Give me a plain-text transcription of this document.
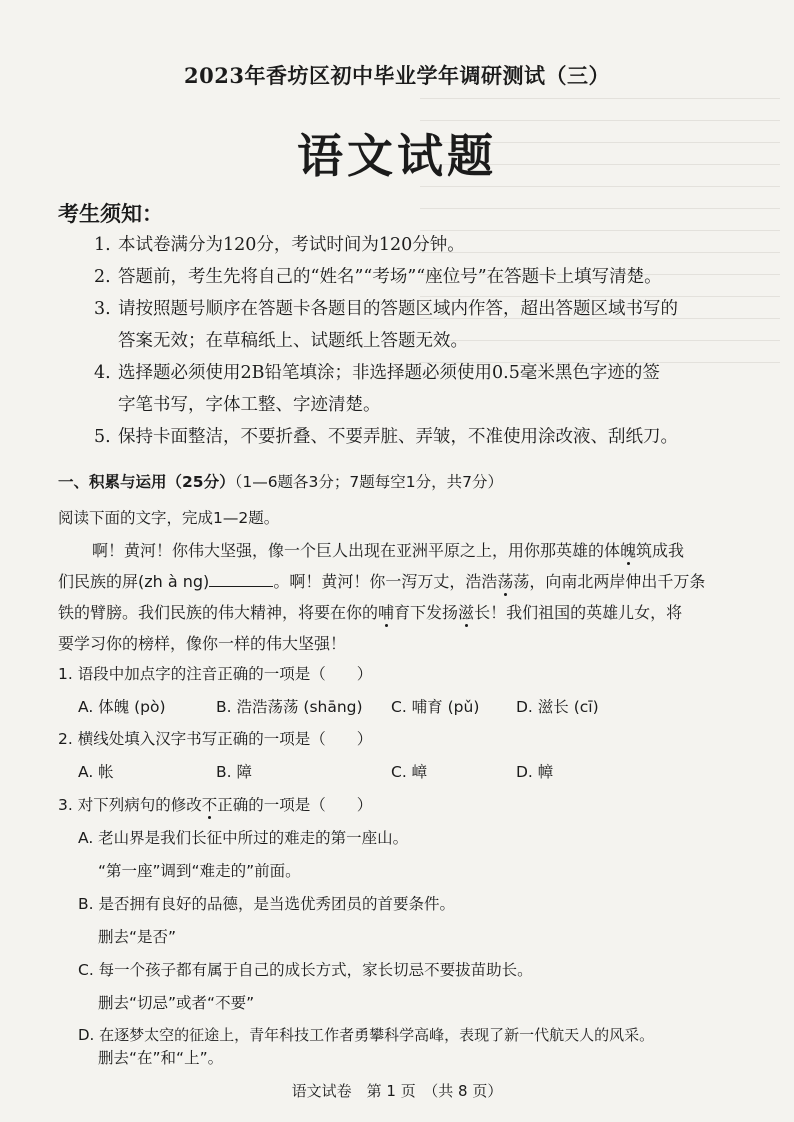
2023年香坊区初中毕业学年调研测试（三）
语文试题
考生须知：
1. 本试卷满分为120分，考试时间为120分钟。
2. 答题前，考生先将自己的“姓名”“考场”“座位号”在答题卡上填写清楚。
3. 请按照题号顺序在答题卡各题目的答题区域内作答，超出答题区域书写的
答案无效；在草稿纸上、试题纸上答题无效。
4. 选择题必须使用2B铅笔填涂；非选择题必须使用0.5毫米黑色字迹的签
字笔书写，字体工整、字迹清楚。
5. 保持卡面整洁，不要折叠、不要弄脏、弄皱，不准使用涂改液、刮纸刀。
一、积累与运用（25分）（1—6题各3分；7题每空1分，共7分）
阅读下面的文字，完成1—2题。

啊！黄河！你伟大坚强，像一个巨人出现在亚洲平原之上，用你那英雄的体魄筑成我

们民族的屏(zh à ng)	。啊！黄河！你一泻万丈，浩浩荡荡，向南北两岸伸出千万条

铁的臂膀。我们民族的伟大精神，将要在你的哺育下发扬滋长！我们祖国的英雄儿女，将

要学习你的榜样，像你一样的伟大坚强！

1. 语段中加点字的注音正确的一项是（　　）
A. 体魄 (pò)	B. 浩浩荡荡 (shāng) C. 哺育 (pǔ) D. 滋长 (cī)
2. 横线处填入汉字书写正确的一项是（　　）
A. 帐	B. 障	C. 嶂	D. 幛
3. 对下列病句的修改不正确的一项是（　　）
A. 老山界是我们长征中所过的难走的第一座山。
“第一座”调到“难走的”前面。
B. 是否拥有良好的品德，是当选优秀团员的首要条件。
删去“是否”
C. 每一个孩子都有属于自己的成长方式，家长切忌不要拔苗助长。
删去“切忌”或者“不要”
D. 在逐梦太空的征途上，青年科技工作者勇攀科学高峰，表现了新一代航天人的风采。
删去“在”和“上”。
语文试卷　第 1 页　（共 8 页）
